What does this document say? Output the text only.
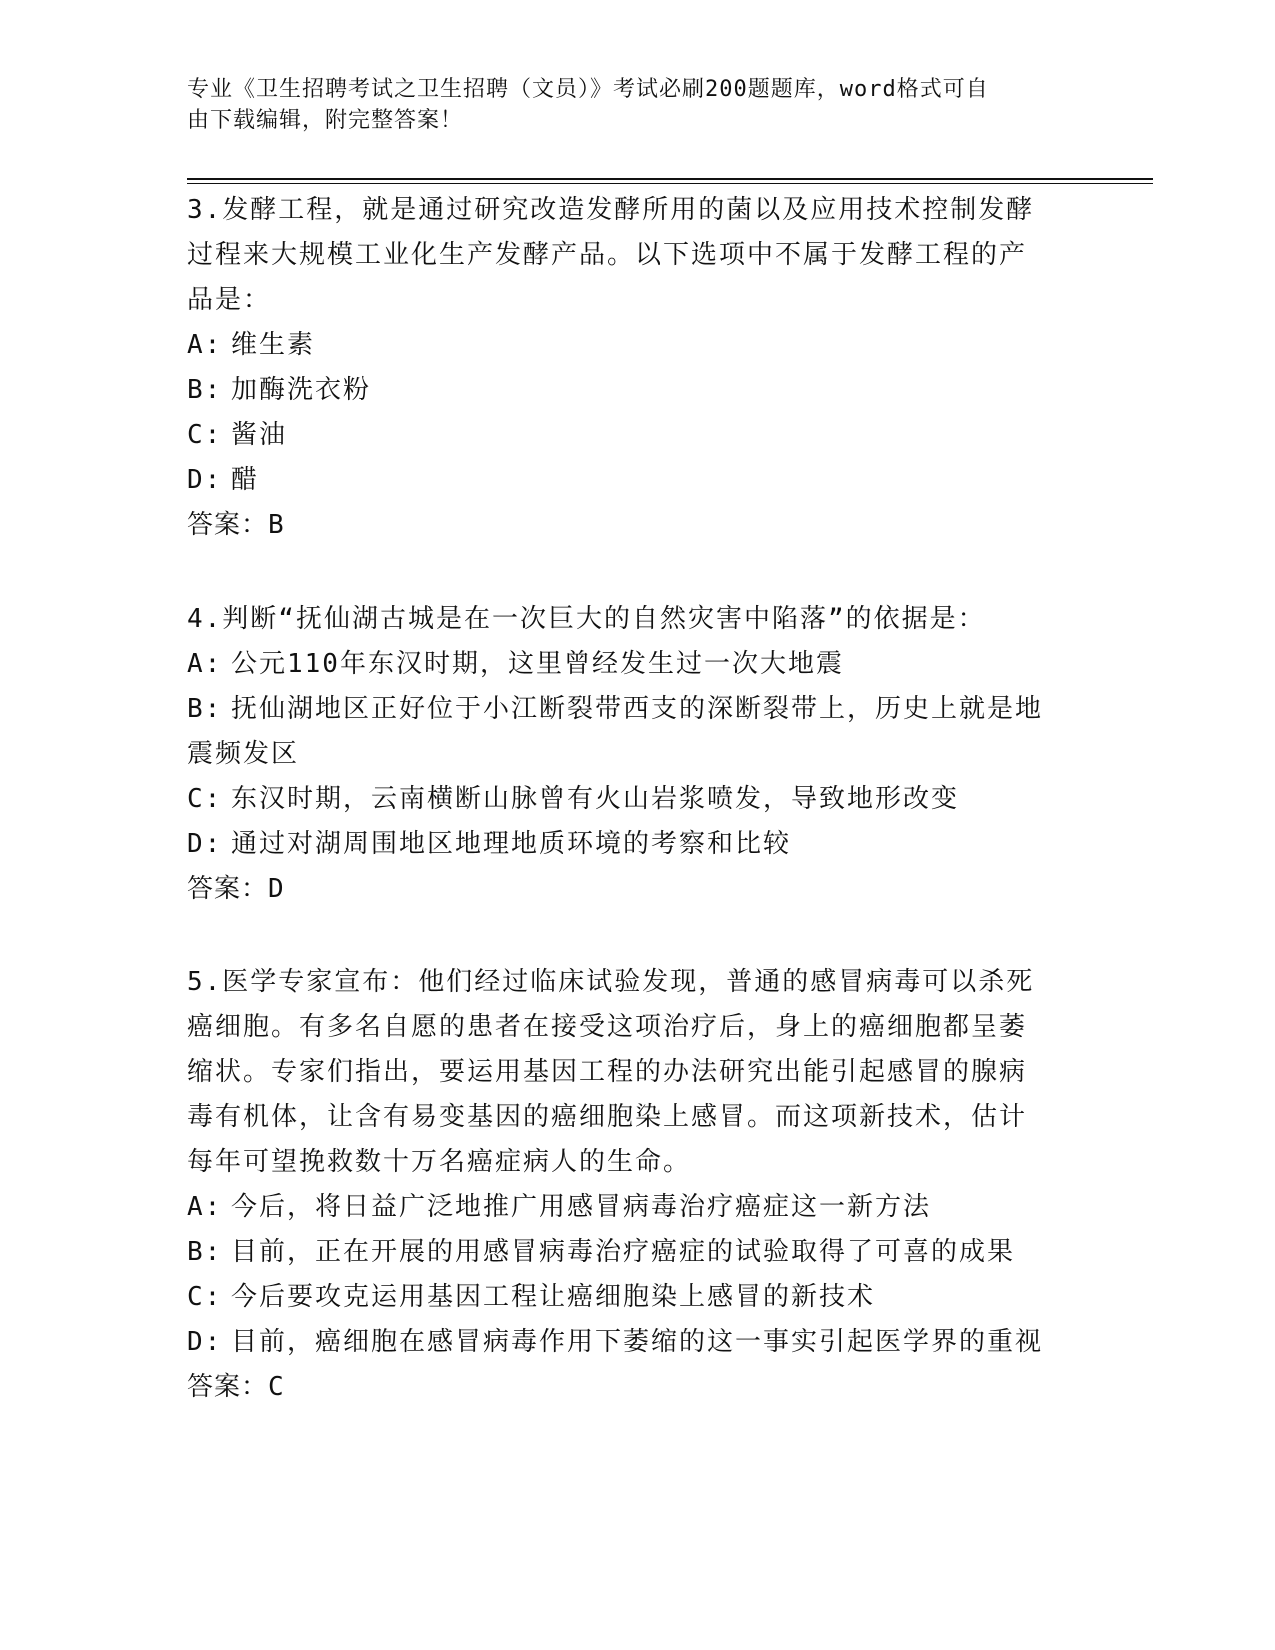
专业《卫生招聘考试之卫生招聘（文员）》考试必刷200题题库，word格式可自
由下载编辑，附完整答案！
3.发酵工程，就是通过研究改造发酵所用的菌以及应用技术控制发酵
过程来大规模工业化生产发酵产品。以下选项中不属于发酵工程的产
品是：
A: 维生素
B: 加酶洗衣粉
C: 酱油
D: 醋
答案：B
4.判断“抚仙湖古城是在一次巨大的自然灾害中陷落”的依据是：
A: 公元110年东汉时期，这里曾经发生过一次大地震
B: 抚仙湖地区正好位于小江断裂带西支的深断裂带上，历史上就是地
震频发区
C: 东汉时期，云南横断山脉曾有火山岩浆喷发，导致地形改变
D: 通过对湖周围地区地理地质环境的考察和比较
答案：D
5.医学专家宣布：他们经过临床试验发现，普通的感冒病毒可以杀死
癌细胞。有多名自愿的患者在接受这项治疗后，身上的癌细胞都呈萎
缩状。专家们指出，要运用基因工程的办法研究出能引起感冒的腺病
毒有机体，让含有易变基因的癌细胞染上感冒。而这项新技术，估计
每年可望挽救数十万名癌症病人的生命。
A: 今后，将日益广泛地推广用感冒病毒治疗癌症这一新方法
B: 目前，正在开展的用感冒病毒治疗癌症的试验取得了可喜的成果
C: 今后要攻克运用基因工程让癌细胞染上感冒的新技术
D: 目前，癌细胞在感冒病毒作用下萎缩的这一事实引起医学界的重视
答案：C
